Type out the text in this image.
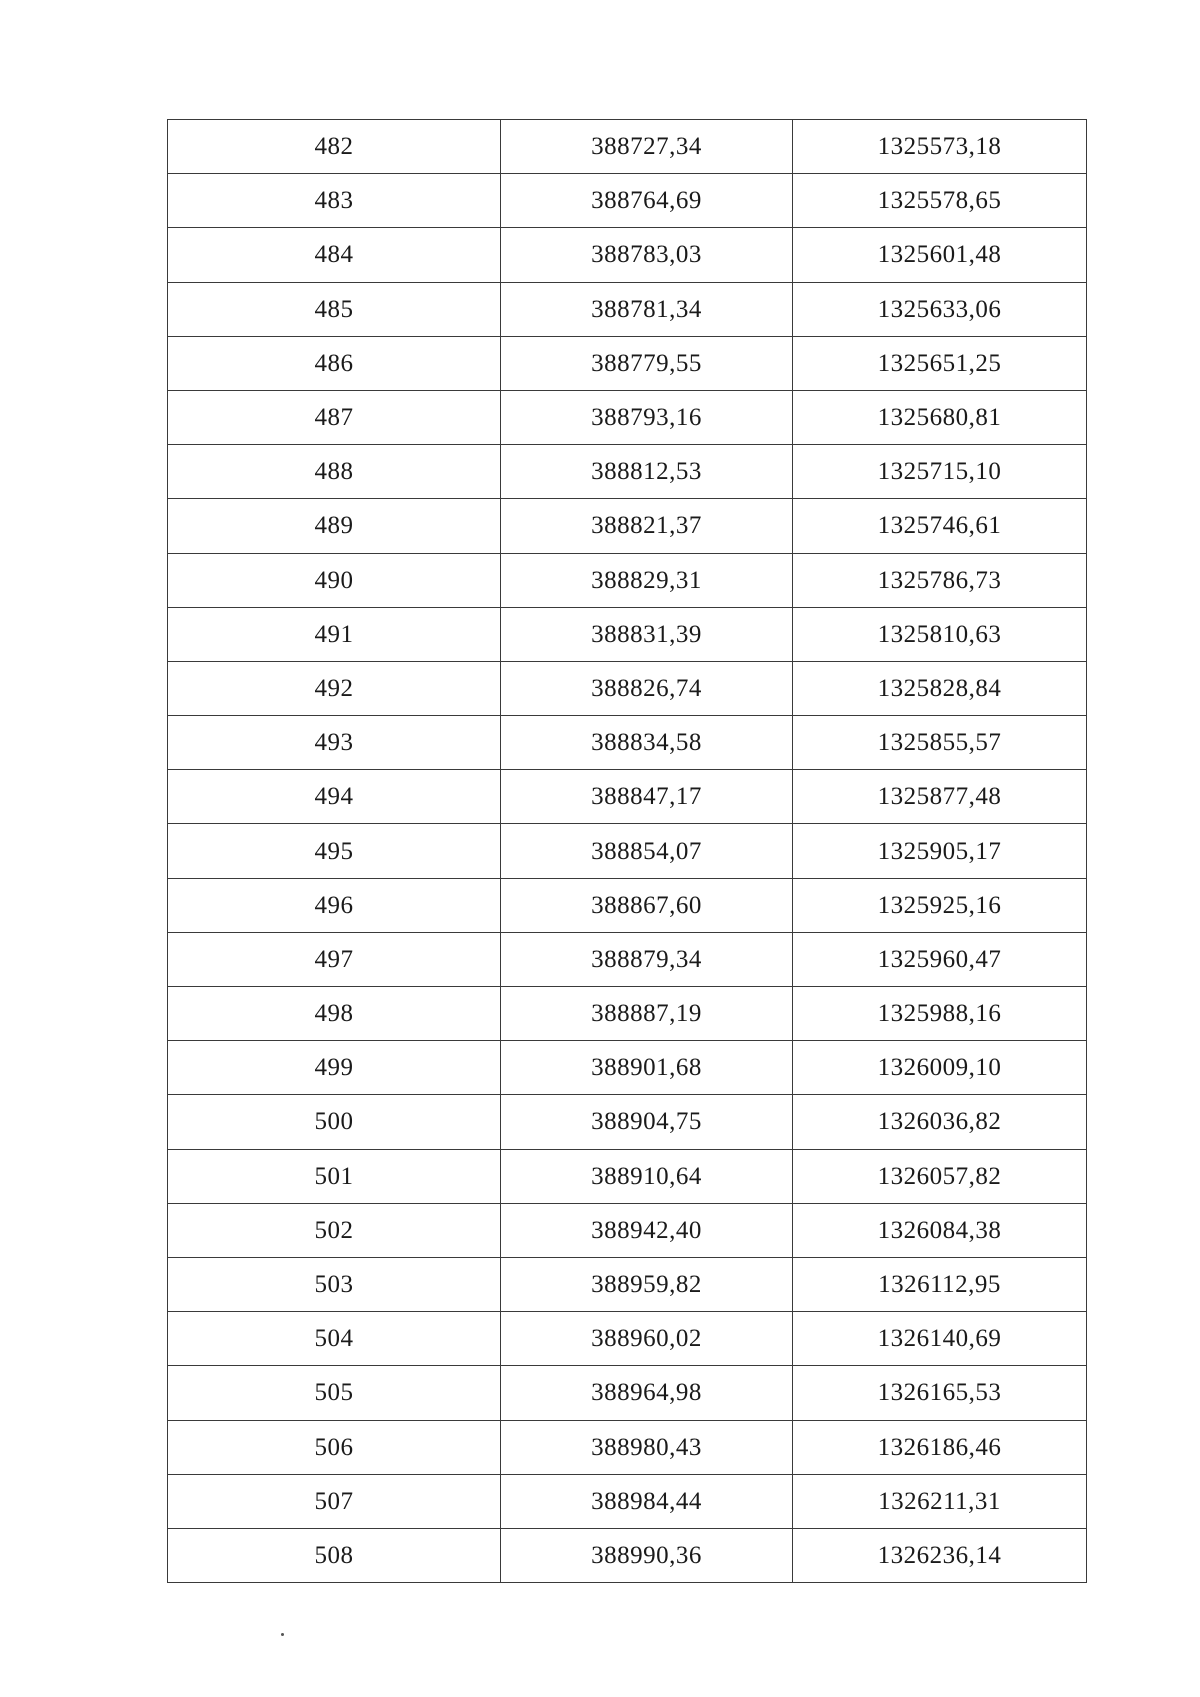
482	388727,34	1325573,18
483	388764,69	1325578,65
484	388783,03	1325601,48
485	388781,34	1325633,06
486	388779,55	1325651,25
487	388793,16	1325680,81
488	388812,53	1325715,10
489	388821,37	1325746,61
490	388829,31	1325786,73
491	388831,39	1325810,63
492	388826,74	1325828,84
493	388834,58	1325855,57
494	388847,17	1325877,48
495	388854,07	1325905,17
496	388867,60	1325925,16
497	388879,34	1325960,47
498	388887,19	1325988,16
499	388901,68	1326009,10
500	388904,75	1326036,82
501	388910,64	1326057,82
502	388942,40	1326084,38
503	388959,82	1326112,95
504	388960,02	1326140,69
505	388964,98	1326165,53
506	388980,43	1326186,46
507	388984,44	1326211,31
508	388990,36	1326236,14
